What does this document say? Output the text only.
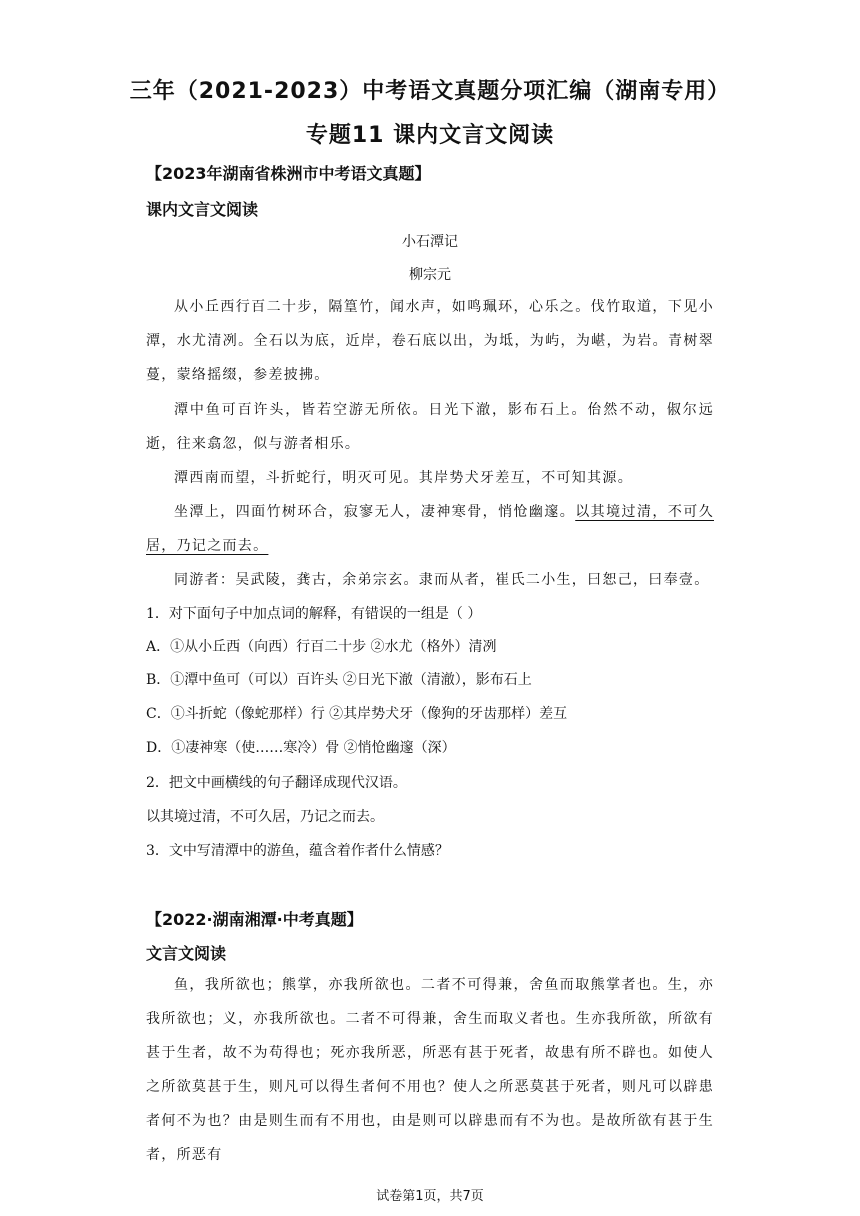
三年（2021-2023）中考语文真题分项汇编（湖南专用）
专题11 课内文言文阅读
【2023年湖南省株洲市中考语文真题】
课内文言文阅读
小石潭记
柳宗元
从小丘西行百二十步，隔篁竹，闻水声，如鸣珮环，心乐之。伐竹取道，下见小潭，水尤清冽。全石以为底，近岸，卷石底以出，为坻，为屿，为嵁，为岩。青树翠蔓，蒙络摇缀，参差披拂。
潭中鱼可百许头，皆若空游无所依。日光下澈，影布石上。佁然不动，俶尔远逝，往来翕忽，似与游者相乐。
潭西南而望，斗折蛇行，明灭可见。其岸势犬牙差互，不可知其源。
坐潭上，四面竹树环合，寂寥无人，凄神寒骨，悄怆幽邃。以其境过清，不可久居，乃记之而去。
同游者：吴武陵，龚古，余弟宗玄。隶而从者，崔氏二小生，曰恕己，曰奉壹。
1．对下面句子中加点词的解释，有错误的一组是（ ）
A．①从小丘西（向西）行百二十步 ②水尤（格外）清冽
B．①潭中鱼可（可以）百许头 ②日光下澈（清澈），影布石上
C．①斗折蛇（像蛇那样）行 ②其岸势犬牙（像狗的牙齿那样）差互
D．①凄神寒（使……寒冷）骨 ②悄怆幽邃（深）
2．把文中画横线的句子翻译成现代汉语。
以其境过清，不可久居，乃记之而去。
3．文中写清潭中的游鱼，蕴含着作者什么情感？
【2022·湖南湘潭·中考真题】
文言文阅读
鱼，我所欲也；熊掌，亦我所欲也。二者不可得兼，舍鱼而取熊掌者也。生，亦我所欲也；义，亦我所欲也。二者不可得兼，舍生而取义者也。生亦我所欲，所欲有甚于生者，故不为苟得也；死亦我所恶，所恶有甚于死者，故患有所不辟也。如使人之所欲莫甚于生，则凡可以得生者何不用也？使人之所恶莫甚于死者，则凡可以辟患者何不为也？由是则生而有不用也，由是则可以辟患而有不为也。是故所欲有甚于生者，所恶有
试卷第1页，共7页
